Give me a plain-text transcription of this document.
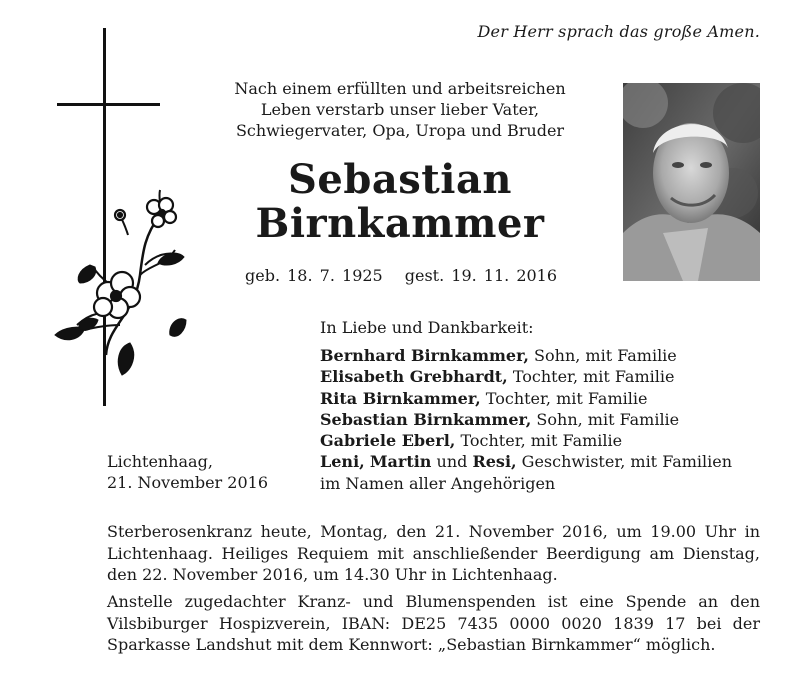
Der Herr sprach das große Amen.
Nach einem erfüllten und arbeitsreichen
Leben verstarb unser lieber Vater,
Schwiegervater, Opa, Uropa und Bruder
Sebastian
Birnkammer
geb. 18. 7. 1925 gest. 19. 11. 2016
In Liebe und Dankbarkeit:
Bernhard Birnkammer, Sohn, mit Familie
Elisabeth Grebhardt, Tochter, mit Familie
Rita Birnkammer, Tochter, mit Familie
Sebastian Birnkammer, Sohn, mit Familie
Gabriele Eberl, Tochter, mit Familie
Leni, Martin und Resi, Geschwister, mit Familien
im Namen aller Angehörigen
Lichtenhaag,
21. November 2016
Sterberosenkranz heute, Montag, den 21. November 2016, um 19.00 Uhr in Lichtenhaag. Heiliges Requiem mit anschließender Beerdigung am Dienstag, den 22. November 2016, um 14.30 Uhr in Lichtenhaag.
Anstelle zugedachter Kranz- und Blumenspenden ist eine Spende an den Vilsbiburger Hospizverein, IBAN: DE25 7435 0000 0020 1839 17 bei der Sparkasse Landshut mit dem Kennwort: „Sebastian Birnkammer“ möglich.
